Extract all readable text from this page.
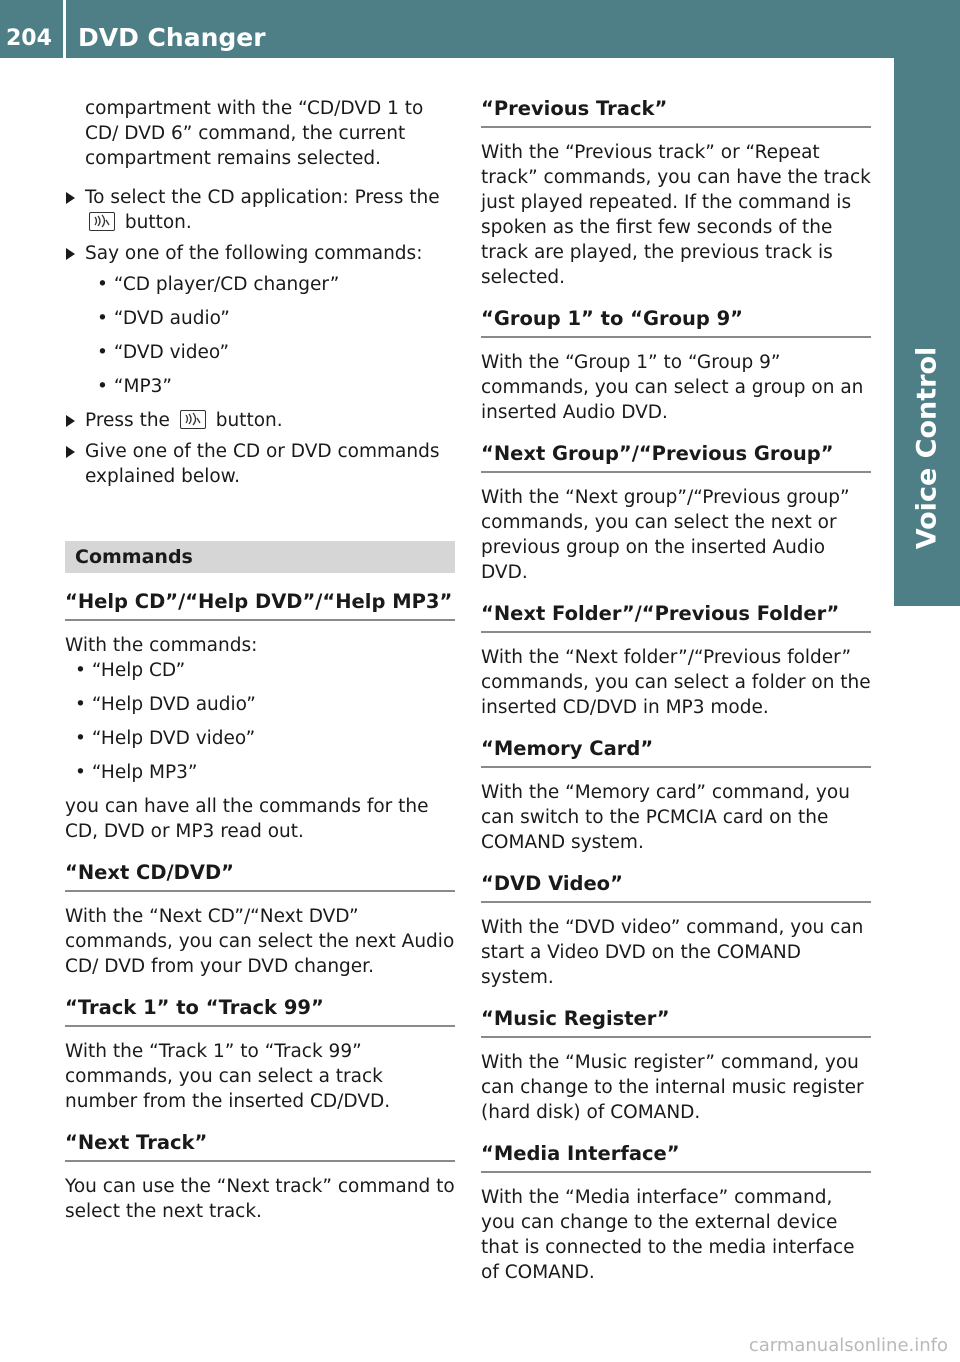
204 DVD Changer
Voice Control

compartment with the “CD/DVD 1 to CD/ DVD 6” command, the current compartment remains selected.

To select the CD application: Press the
button.
Say one of the following commands:
• “CD player/CD changer”
• “DVD audio”
• “DVD video”
• “MP3”
Press the button.
Give one of the CD or DVD commands explained below.
Commands
“Help CD”/“Help DVD”/“Help MP3”

With the commands:

• “Help CD”
• “Help DVD audio”
• “Help DVD video”
• “Help MP3”

you can have all the commands for the CD, DVD or MP3 read out.

“Next CD/DVD”

With the “Next CD”/“Next DVD” commands, you can select the next Audio CD/ DVD from your DVD changer.

“Track 1” to “Track 99”

With the “Track 1” to “Track 99” commands, you can select a track number from the inserted CD/DVD.

“Next Track”

You can use the “Next track” command to select the next track.

“Previous Track”

With the “Previous track” or “Repeat track” commands, you can have the track just played repeated. If the command is spoken as the first few seconds of the track are played, the previous track is selected.

“Group 1” to “Group 9”

With the “Group 1” to “Group 9” commands, you can select a group on an inserted Audio DVD.

“Next Group”/“Previous Group”

With the “Next group”/“Previous group” commands, you can select the next or previous group on the inserted Audio DVD.

“Next Folder”/“Previous Folder”

With the “Next folder”/“Previous folder” commands, you can select a folder on the inserted CD/DVD in MP3 mode.

“Memory Card”

With the “Memory card” command, you can switch to the PCMCIA card on the COMAND system.

“DVD Video”

With the “DVD video” command, you can start a Video DVD on the COMAND system.

“Music Register”

With the “Music register” command, you can change to the internal music register (hard disk) of COMAND.

“Media Interface”

With the “Media interface” command, you can change to the external device that is connected to the media interface of COMAND.

carmanualsonline.info
